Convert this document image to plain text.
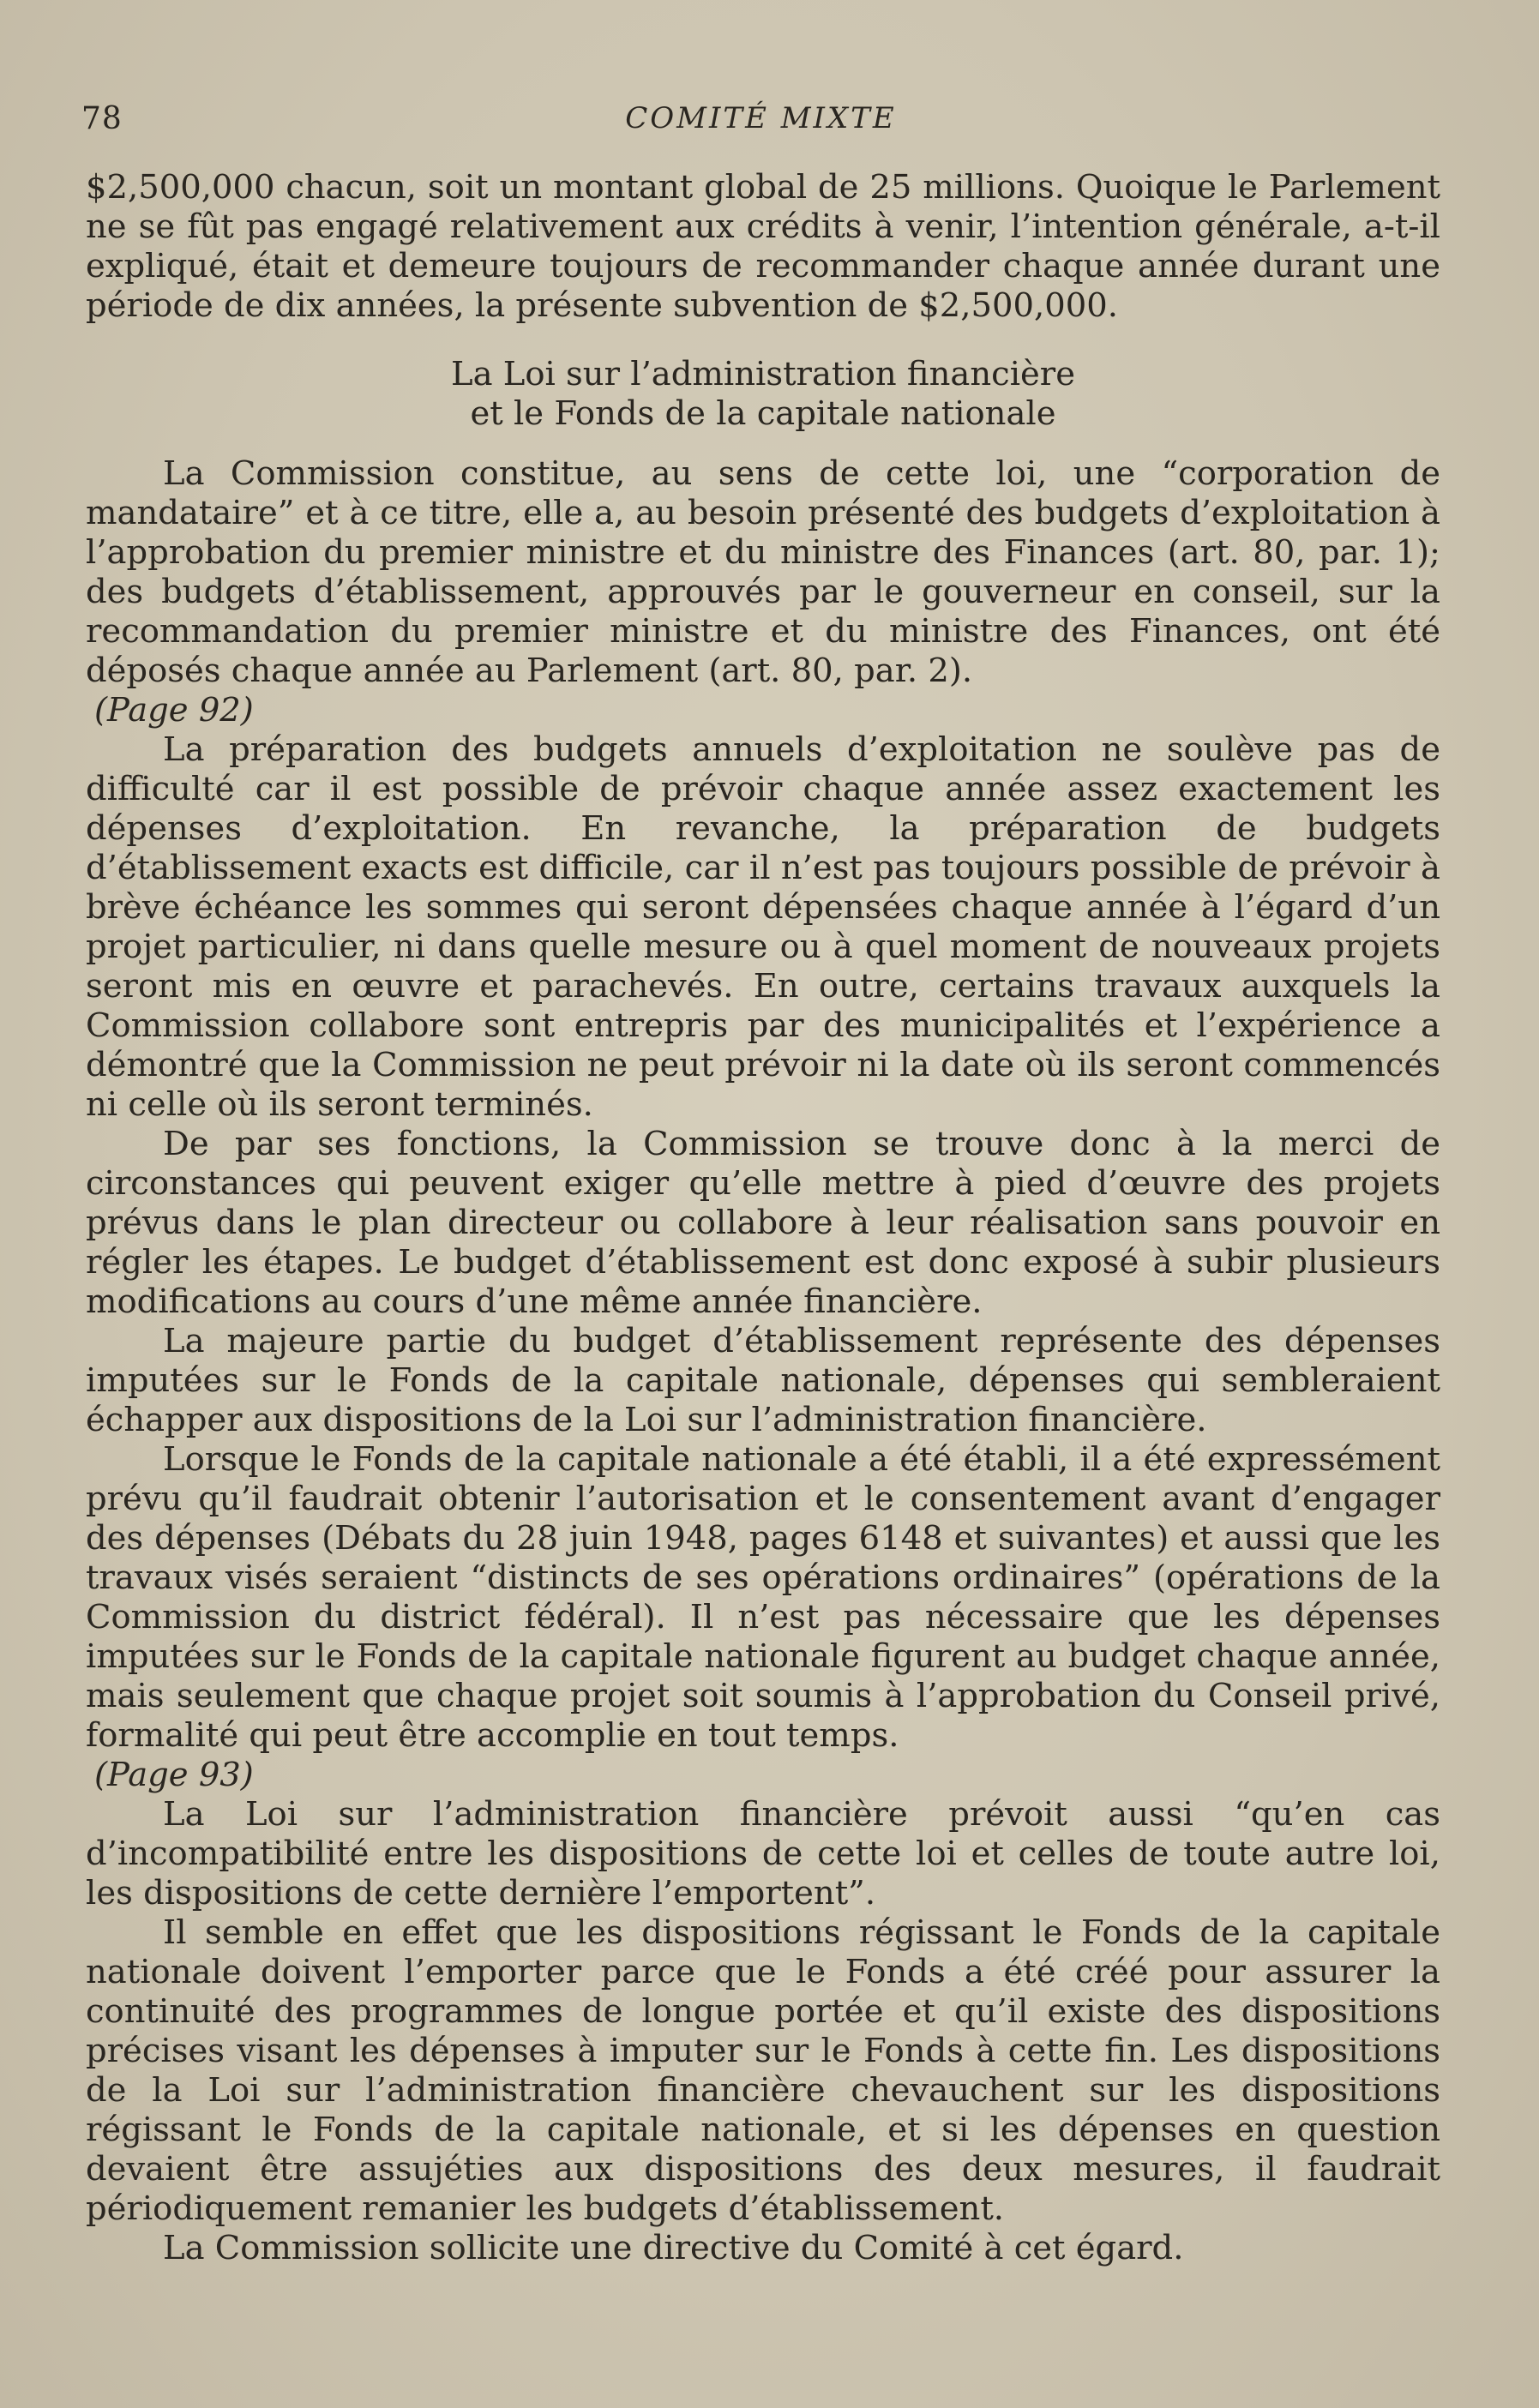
78	COMITÉ MIXTE

$2,500,000 chacun, soit un montant global de 25 millions. Quoique le Parlement ne se fût pas engagé relativement aux crédits à venir, l’intention générale, a-t-il expliqué, était et demeure toujours de recommander chaque année durant une période de dix années, la présente subvention de $2,500,000.

La Loi sur l’administration financière
et le Fonds de la capitale nationale

La Commission constitue, au sens de cette loi, une “corporation de mandataire” et à ce titre, elle a, au besoin présenté des budgets d’exploitation à l’approbation du premier ministre et du ministre des Finances (art. 80, par. 1); des budgets d’établissement, approuvés par le gouverneur en conseil, sur la recommandation du premier ministre et du ministre des Finances, ont été déposés chaque année au Parlement (art. 80, par. 2).

(Page 92)

La préparation des budgets annuels d’exploitation ne soulève pas de difficulté car il est possible de prévoir chaque année assez exactement les dépenses d’exploitation. En revanche, la préparation de budgets d’établissement exacts est difficile, car il n’est pas toujours possible de prévoir à brève échéance les sommes qui seront dépensées chaque année à l’égard d’un projet particulier, ni dans quelle mesure ou à quel moment de nouveaux projets seront mis en œuvre et parachevés. En outre, certains travaux auxquels la Commission collabore sont entrepris par des municipalités et l’expérience a démontré que la Commission ne peut prévoir ni la date où ils seront commencés ni celle où ils seront terminés.

De par ses fonctions, la Commission se trouve donc à la merci de circonstances qui peuvent exiger qu’elle mettre à pied d’œuvre des projets prévus dans le plan directeur ou collabore à leur réalisation sans pouvoir en régler les étapes. Le budget d’établissement est donc exposé à subir plusieurs modifications au cours d’une même année financière.

La majeure partie du budget d’établissement représente des dépenses imputées sur le Fonds de la capitale nationale, dépenses qui sembleraient échapper aux dispositions de la Loi sur l’administration financière.

Lorsque le Fonds de la capitale nationale a été établi, il a été expressément prévu qu’il faudrait obtenir l’autorisation et le consentement avant d’engager des dépenses (Débats du 28 juin 1948, pages 6148 et suivantes) et aussi que les travaux visés seraient “distincts de ses opérations ordinaires” (opérations de la Commission du district fédéral). Il n’est pas nécessaire que les dépenses imputées sur le Fonds de la capitale nationale figurent au budget chaque année, mais seulement que chaque projet soit soumis à l’approbation du Conseil privé, formalité qui peut être accomplie en tout temps.

(Page 93)

La Loi sur l’administration financière prévoit aussi “qu’en cas d’incompatibilité entre les dispositions de cette loi et celles de toute autre loi, les dispositions de cette dernière l’emportent”.

Il semble en effet que les dispositions régissant le Fonds de la capitale nationale doivent l’emporter parce que le Fonds a été créé pour assurer la continuité des programmes de longue portée et qu’il existe des dispositions précises visant les dépenses à imputer sur le Fonds à cette fin. Les dispositions de la Loi sur l’administration financière chevauchent sur les dispositions régissant le Fonds de la capitale nationale, et si les dépenses en question devaient être assujéties aux dispositions des deux mesures, il faudrait périodiquement remanier les budgets d’établissement.

La Commission sollicite une directive du Comité à cet égard.
